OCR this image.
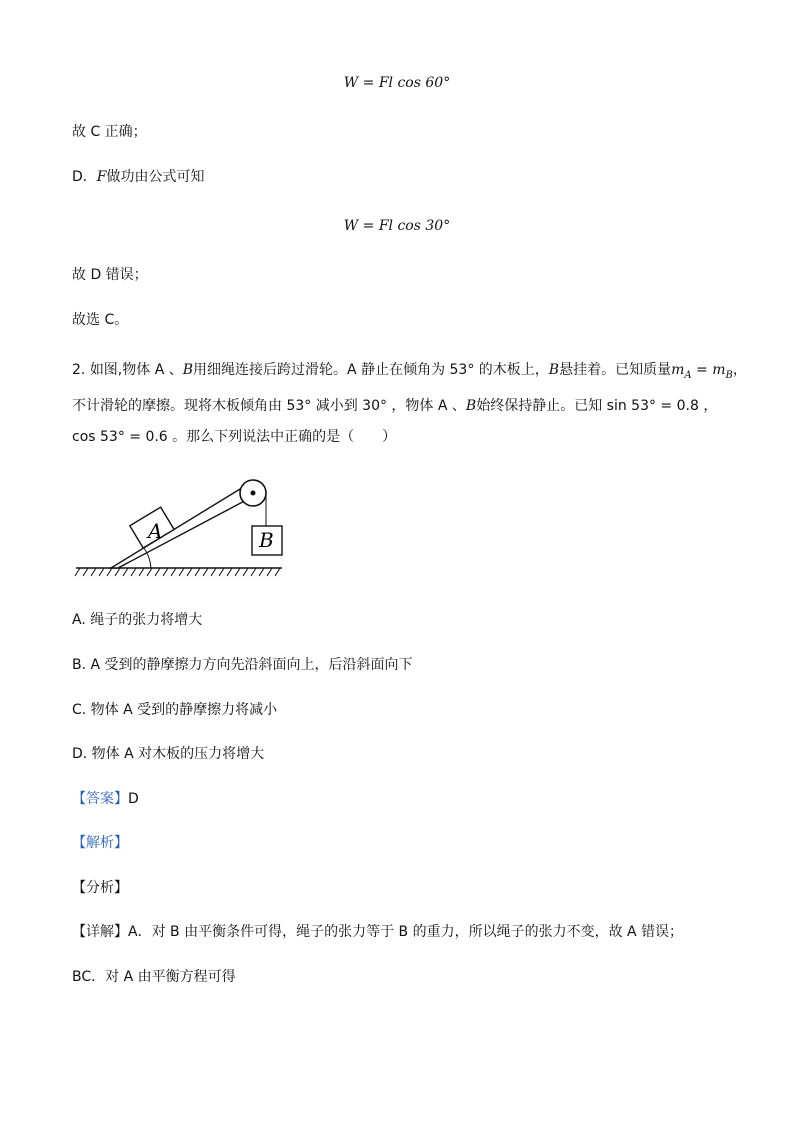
W = Fl cos 60°
故 C 正确；
D．F做功由公式可知
W = Fl cos 30°
故 D 错误；
故选 C。
2. 如图,物体 A 、B用细绳连接后跨过滑轮。A 静止在倾角为 53° 的木板上，B悬挂着。已知质量$m_A = m_B$，
不计滑轮的摩擦。现将木板倾角由 53° 减小到 30° ，物体 A 、B始终保持静止。已知 sin 53° = 0.8 ，
cos 53° = 0.6 。那么下列说法中正确的是（　　）
A	B
A. 绳子的张力将增大
B. A 受到的静摩擦力方向先沿斜面向上，后沿斜面向下
C. 物体 A 受到的静摩擦力将减小
D. 物体 A 对木板的压力将增大
【答案】D
【解析】
【分析】
【详解】A．对 B 由平衡条件可得，绳子的张力等于 B 的重力，所以绳子的张力不变，故 A 错误；
BC．对 A 由平衡方程可得
